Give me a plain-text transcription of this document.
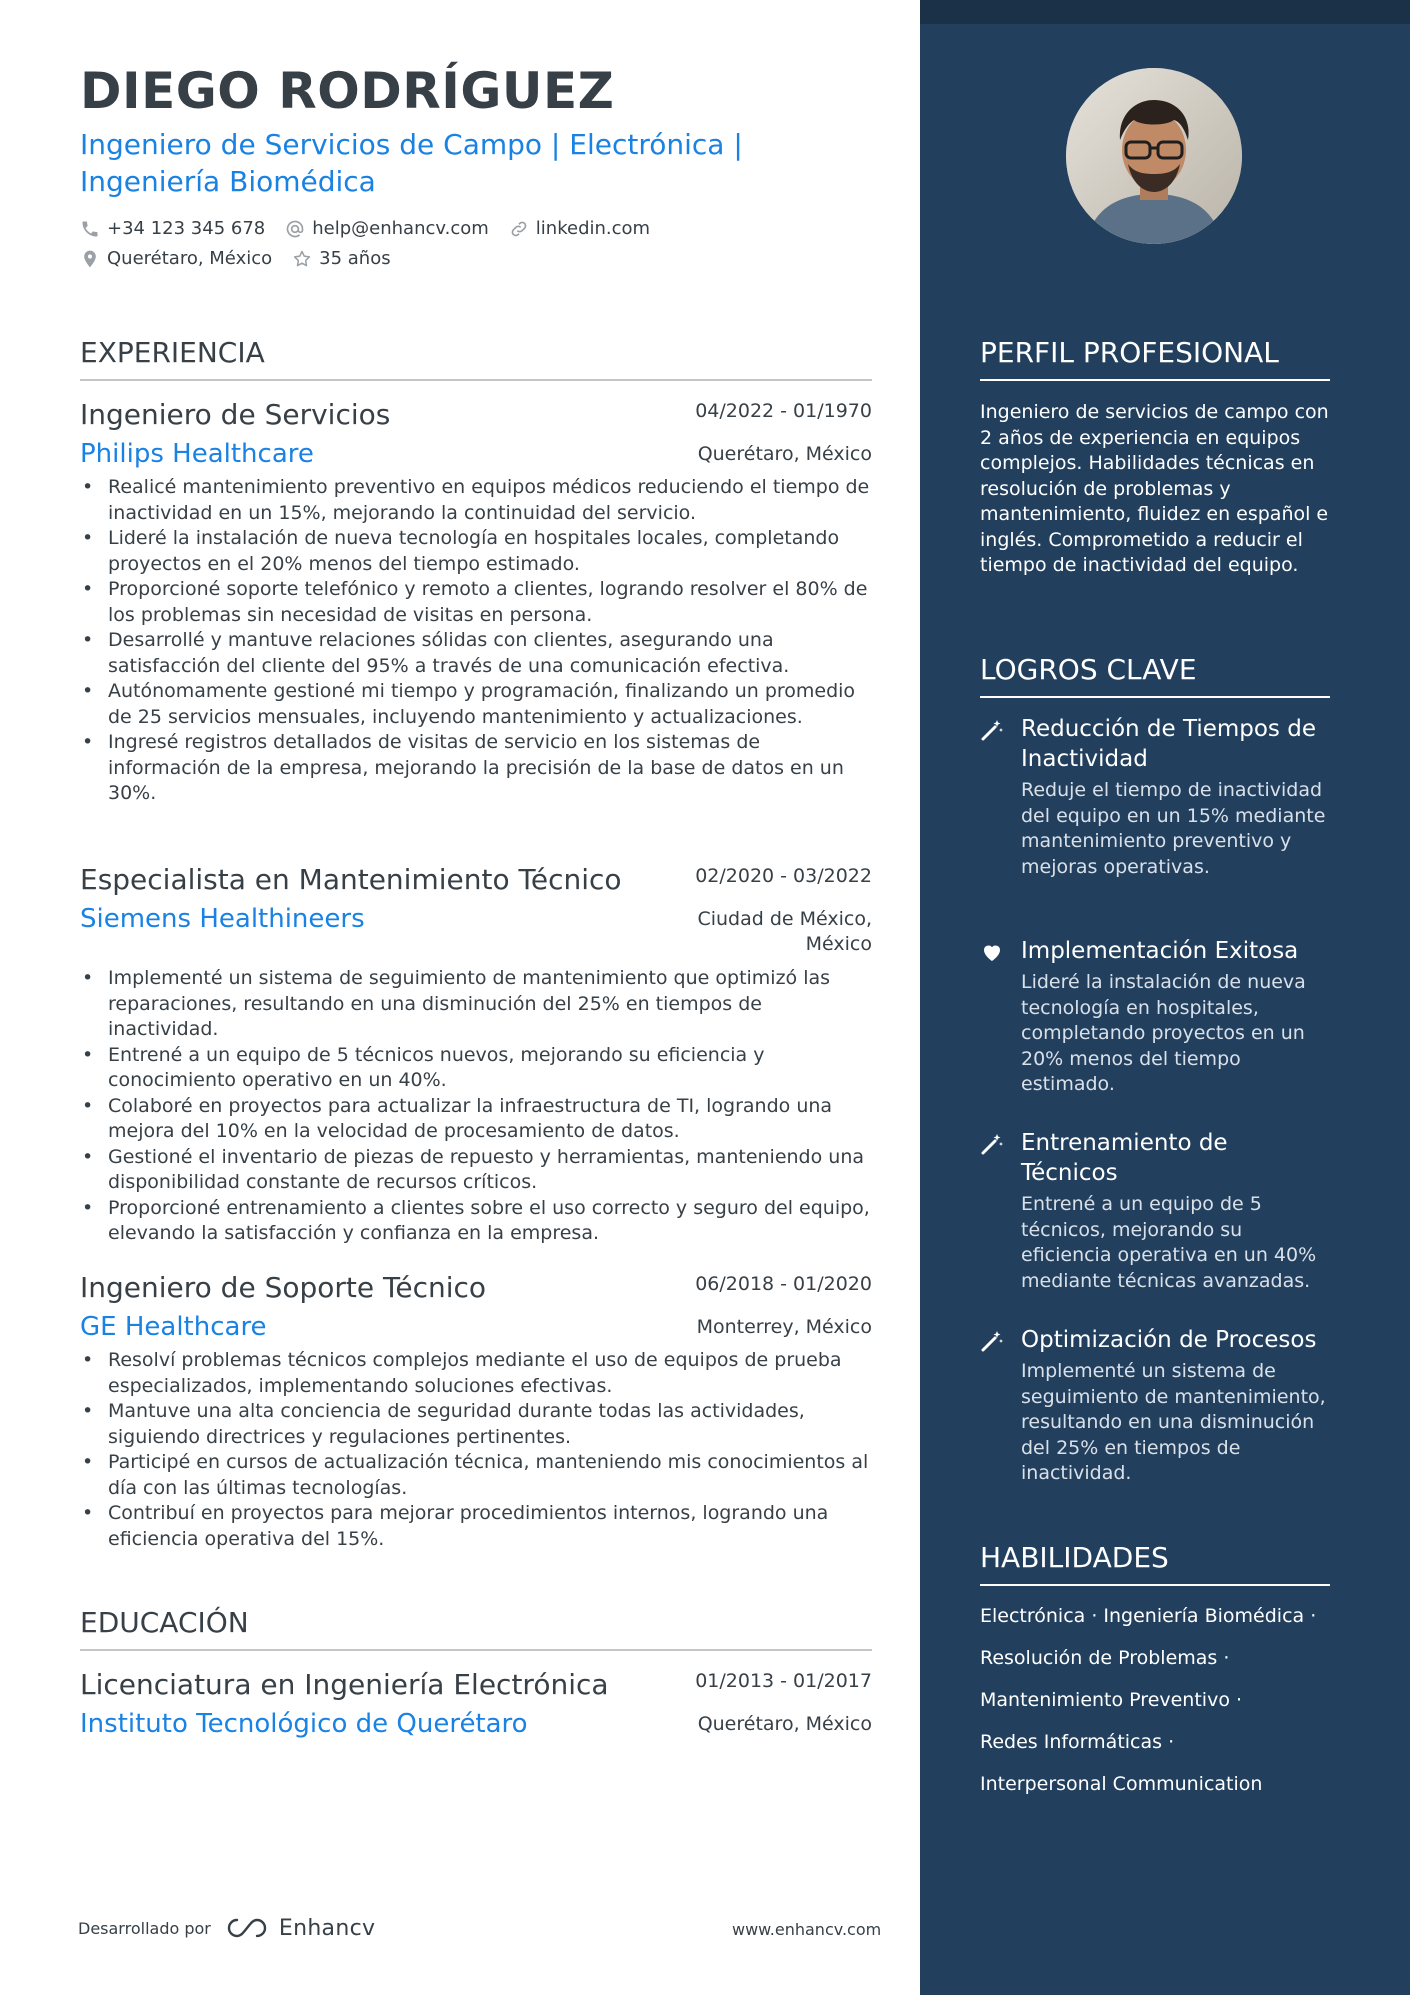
DIEGO RODRÍGUEZ
Ingeniero de Servicios de Campo | Electrónica | Ingeniería Biomédica
+34 123 345 678	help@enhancv.com	linkedin.com
Querétaro, México	35 años
EXPERIENCIA
Ingeniero de Servicios	04/2022 - 01/1970
Philips Healthcare	Querétaro, México
• Realicé mantenimiento preventivo en equipos médicos reduciendo el tiempo de inactividad en un 15%, mejorando la continuidad del servicio.
• Lideré la instalación de nueva tecnología en hospitales locales, completando proyectos en el 20% menos del tiempo estimado.
• Proporcioné soporte telefónico y remoto a clientes, logrando resolver el 80% de los problemas sin necesidad de visitas en persona.
• Desarrollé y mantuve relaciones sólidas con clientes, asegurando una satisfacción del cliente del 95% a través de una comunicación efectiva.
• Autónomamente gestioné mi tiempo y programación, finalizando un promedio de 25 servicios mensuales, incluyendo mantenimiento y actualizaciones.
• Ingresé registros detallados de visitas de servicio en los sistemas de información de la empresa, mejorando la precisión de la base de datos en un 30%.
Especialista en Mantenimiento Técnico	02/2020 - 03/2022
Siemens Healthineers	Ciudad de México, México
• Implementé un sistema de seguimiento de mantenimiento que optimizó las reparaciones, resultando en una disminución del 25% en tiempos de inactividad.
• Entrené a un equipo de 5 técnicos nuevos, mejorando su eficiencia y conocimiento operativo en un 40%.
• Colaboré en proyectos para actualizar la infraestructura de TI, logrando una mejora del 10% en la velocidad de procesamiento de datos.
• Gestioné el inventario de piezas de repuesto y herramientas, manteniendo una disponibilidad constante de recursos críticos.
• Proporcioné entrenamiento a clientes sobre el uso correcto y seguro del equipo, elevando la satisfacción y confianza en la empresa.
Ingeniero de Soporte Técnico	06/2018 - 01/2020
GE Healthcare	Monterrey, México
• Resolví problemas técnicos complejos mediante el uso de equipos de prueba especializados, implementando soluciones efectivas.
• Mantuve una alta conciencia de seguridad durante todas las actividades, siguiendo directrices y regulaciones pertinentes.
• Participé en cursos de actualización técnica, manteniendo mis conocimientos al día con las últimas tecnologías.
• Contribuí en proyectos para mejorar procedimientos internos, logrando una eficiencia operativa del 15%.
EDUCACIÓN
Licenciatura en Ingeniería Electrónica	01/2013 - 01/2017
Instituto Tecnológico de Querétaro	Querétaro, México
Desarrollado por	Enhancv	www.enhancv.com
PERFIL PROFESIONAL
Ingeniero de servicios de campo con 2 años de experiencia en equipos complejos. Habilidades técnicas en resolución de problemas y mantenimiento, fluidez en español e inglés. Comprometido a reducir el tiempo de inactividad del equipo.
LOGROS CLAVE
Reducción de Tiempos de Inactividad
Reduje el tiempo de inactividad del equipo en un 15% mediante mantenimiento preventivo y mejoras operativas.
Implementación Exitosa
Lideré la instalación de nueva tecnología en hospitales, completando proyectos en un 20% menos del tiempo estimado.
Entrenamiento de Técnicos
Entrené a un equipo de 5 técnicos, mejorando su eficiencia operativa en un 40% mediante técnicas avanzadas.
Optimización de Procesos
Implementé un sistema de seguimiento de mantenimiento, resultando en una disminución del 25% en tiempos de inactividad.
HABILIDADES
Electrónica · Ingeniería Biomédica ·
Resolución de Problemas ·
Mantenimiento Preventivo ·
Redes Informáticas ·
Interpersonal Communication
